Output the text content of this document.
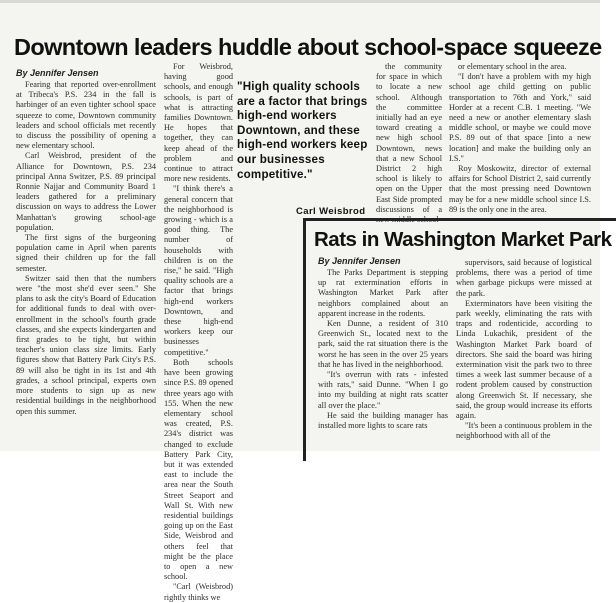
Downtown leaders huddle about school-space squeeze
By Jennifer Jensen

Fearing that reported over-enrollment at Tribeca's P.S. 234 in the fall is harbinger of an even tighter school space squeeze to come, Downtown community leaders and school officials met recently to discuss the possibility of opening a new elementary school.

Carl Weisbrod, president of the Alliance for Downtown, P.S. 234 principal Anna Switzer, P.S. 89 principal Ronnie Najjar and Community Board 1 leaders gathered for a preliminary discussion on ways to address the Lower Manhattan's growing school-age population.

The first signs of the burgeoning population came in April when parents signed their children up for the fall semester.

Switzer said then that the numbers were "the most she'd ever seen." She plans to ask the city's Board of Education for additional funds to deal with over-enrollment in the school's fourth grade classes, and she expects kindergarten and first grades to be tight, but within teacher's union class size limits. Early figures show that Battery Park City's P.S. 89 will also be tight in its 1st and 4th grades, a school principal, experts own more students to sign up as new residential buildings in the neighborhood open this summer.

For Weisbrod, having good schools, and enough schools, is part of what is attracting families Downtown. He hopes that together, they can keep ahead of the problem and continue to attract more new residents.

"I think there's a general concern that the neighborhood is growing - which is a good thing. The number of households with children is on the rise," he said. "High quality schools are a factor that brings high-end workers Downtown, and these high-end workers keep our businesses competitive."

Both schools have been growing since P.S. 89 opened three years ago with 155. When the new elementary school was created, P.S. 234's district was changed to exclude Battery Park City, but it was extended east to include the area near the South Street Seaport and Wall St. With new residential buildings going up on the East Side, Weisbrod and others feel that might be the place to open a new school.

"Carl (Weisbrod) rightly thinks we

"High quality schools are a factor that brings high-end workers Downtown, and these high-end workers keep our businesses competitive."
Carl Weisbrod

the community for space in which to locate a new school. Although the committee initially had an eye toward creating a new high school Downtown, news that a new School District 2 high school is likely to open on the Upper East Side prompted discussions of a new middle school

or elementary school in the area.

"I don't have a problem with my high school age child getting on public transportation to 76th and York," said Horder at a recent C.B. 1 meeting. "We need a new or another elementary slash middle school, or maybe we could move P.S. 89 out of that space [into a new location] and make the building only an I.S."

Roy Moskowitz, director of external affairs for School District 2, said currently that the most pressing need Downtown may be for a new middle school since I.S. 89 is the only one in the area.

Rats in Washington Market Park
By Jennifer Jensen

The Parks Department is stepping up rat extermination efforts in Washington Market Park after neighbors complained about an apparent increase in the rodents.

Ken Dunne, a resident of 310 Greenwich St., located next to the park, said the rat situation there is the worst he has seen in the over 25 years that he has lived in the neighborhood.

"It's overrun with rats - infested with rats," said Dunne. "When I go into my building at night rats scatter all over the place."

He said the building manager has installed more lights to scare rats

supervisors, said because of logistical problems, there was a period of time when garbage pickups were missed at the park.

Exterminators have been visiting the park weekly, eliminating the rats with traps and rodenticide, according to Linda Lukachik, president of the Washington Market Park board of directors. She said the board was hiring extermination visit the park two to three times a week last summer because of a rodent problem caused by construction along Greenwich St. If necessary, she said, the group would increase its efforts again.

"It's been a continuous problem in the neighborhood with all of the
